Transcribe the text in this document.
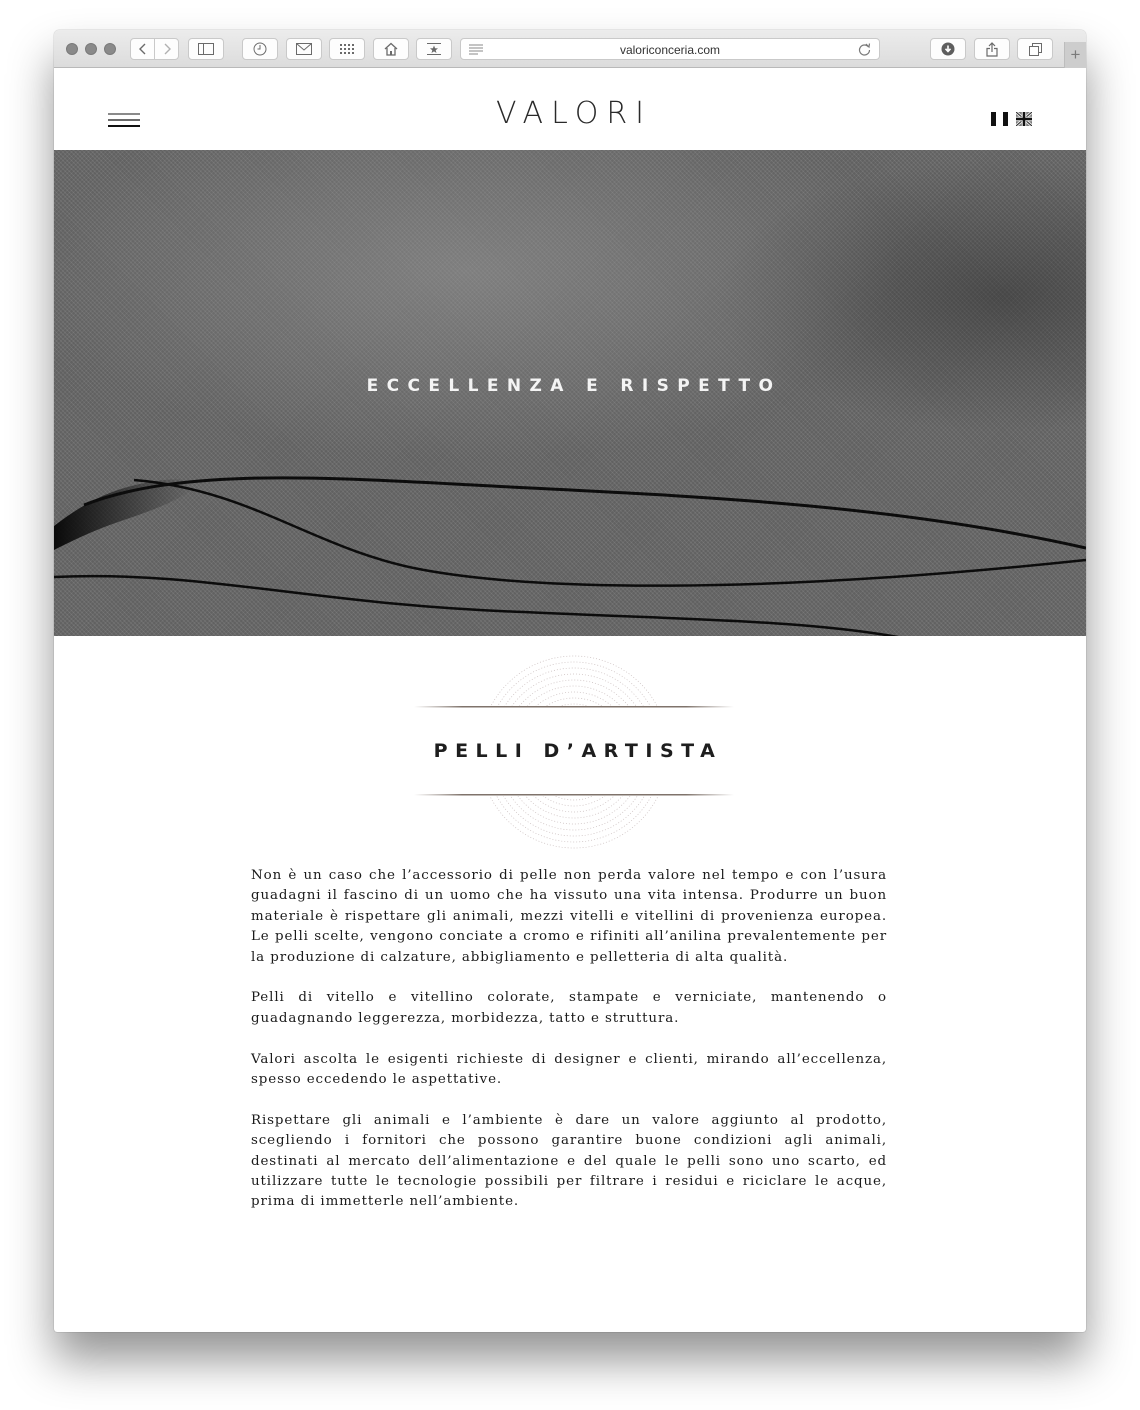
valoriconceria.com	+
VALORI
ECCELLENZA E RISPETTO
PELLI D’ARTISTA

Non è un caso che l’accessorio di pelle non perda valore nel tempo e con l’usura guadagni il fascino di un uomo che ha vissuto una vita intensa. Produrre un buon materiale è rispettare gli animali, mezzi vitelli e vitellini di provenienza europea. Le pelli scelte, vengono conciate a cromo e rifiniti all’anilina prevalentemente per la produzione di calzature, abbigliamento e pelletteria di alta qualità.

Pelli di vitello e vitellino colorate, stampate e verniciate, mantenendo o guadagnando leggerezza, morbidezza, tatto e struttura.

Valori ascolta le esigenti richieste di designer e clienti, mirando all’eccellenza, spesso eccedendo le aspettative.

Rispettare gli animali e l’ambiente è dare un valore aggiunto al prodotto, scegliendo i fornitori che possono garantire buone condizioni agli animali, destinati al mercato dell’alimentazione e del quale le pelli sono uno scarto, ed utilizzare tutte le tecnologie possibili per filtrare i residui e riciclare le acque, prima di immetterle nell’ambiente.
